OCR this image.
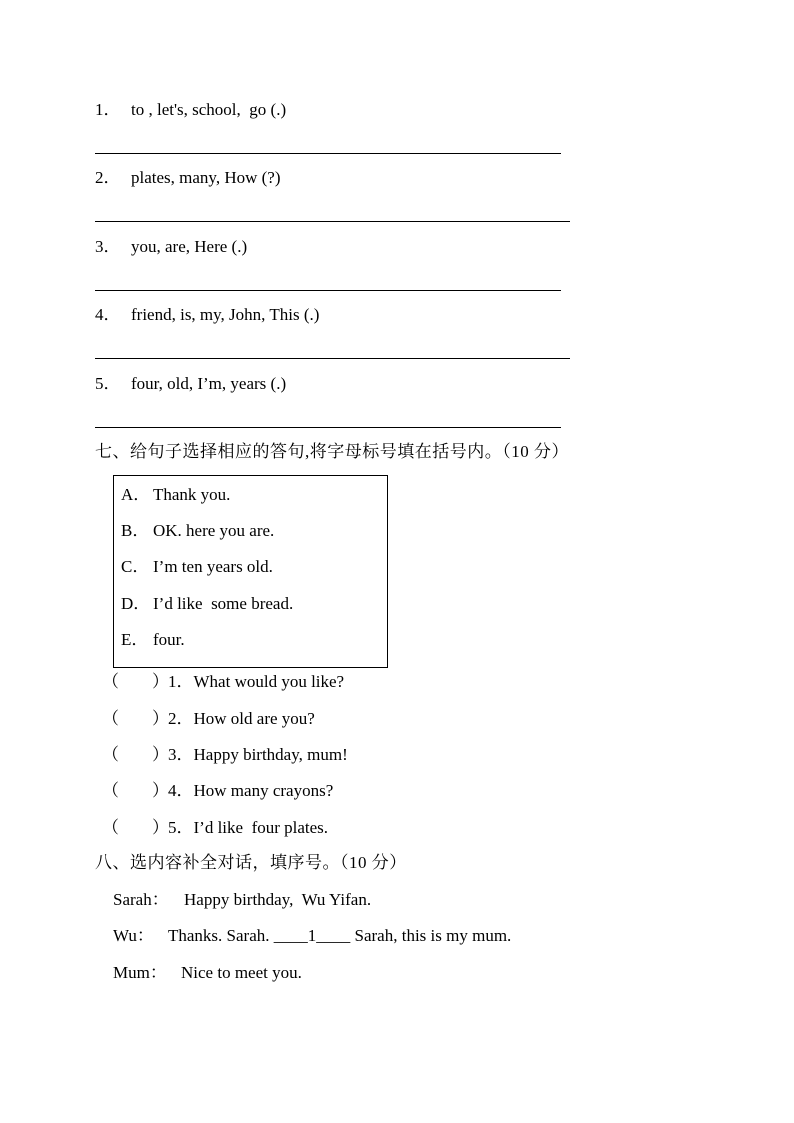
1． to , let's, school,  go (.)
2． plates, many, How (?)
3． you, are, Here (.)
4． friend, is, my, John, This (.)
5． four, old, I’m, years (.)
七、给句子选择相应的答句,将字母标号填在括号内。（10 分）
A． Thank you.
B． OK. here you are.
C． I’m ten years old.
D． I’d like  some bread.
E． four.
（ ） 1．What would you like?
（ ） 2．How old are you?
（ ） 3．Happy birthday, mum!
（ ） 4．How many crayons?
（ ） 5．I’d like  four plates.
八、选内容补全对话，填序号。（10 分）
Sarah： Happy birthday,  Wu Yifan.
Wu： Thanks. Sarah. ____1____ Sarah, this is my mum.
Mum： Nice to meet you.
